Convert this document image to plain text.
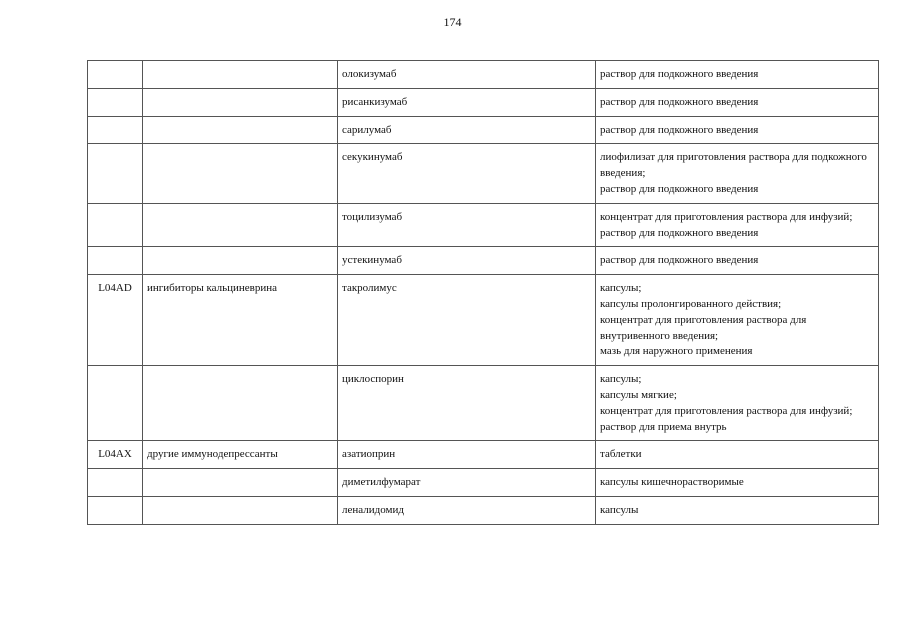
174
		олокизумаб	раствор для подкожного введения

		рисанкизумаб	раствор для подкожного введения

		сарилумаб	раствор для подкожного введения

		секукинумаб	лиофилизат для приготовления раствора для подкожного введения;
раствор для подкожного введения

		тоцилизумаб	концентрат для приготовления раствора для инфузий;
раствор для подкожного введения

		устекинумаб	раствор для подкожного введения

L04AD	ингибиторы кальциневрина	такролимус	капсулы;
капсулы пролонгированного действия;
концентрат для приготовления раствора для внутривенного введения;
мазь для наружного применения

		циклоспорин	капсулы;
капсулы мягкие;
концентрат для приготовления раствора для инфузий;
раствор для приема внутрь

L04AX	другие иммунодепрессанты	азатиоприн	таблетки

		диметилфумарат	капсулы кишечнорастворимые

		леналидомид	капсулы
